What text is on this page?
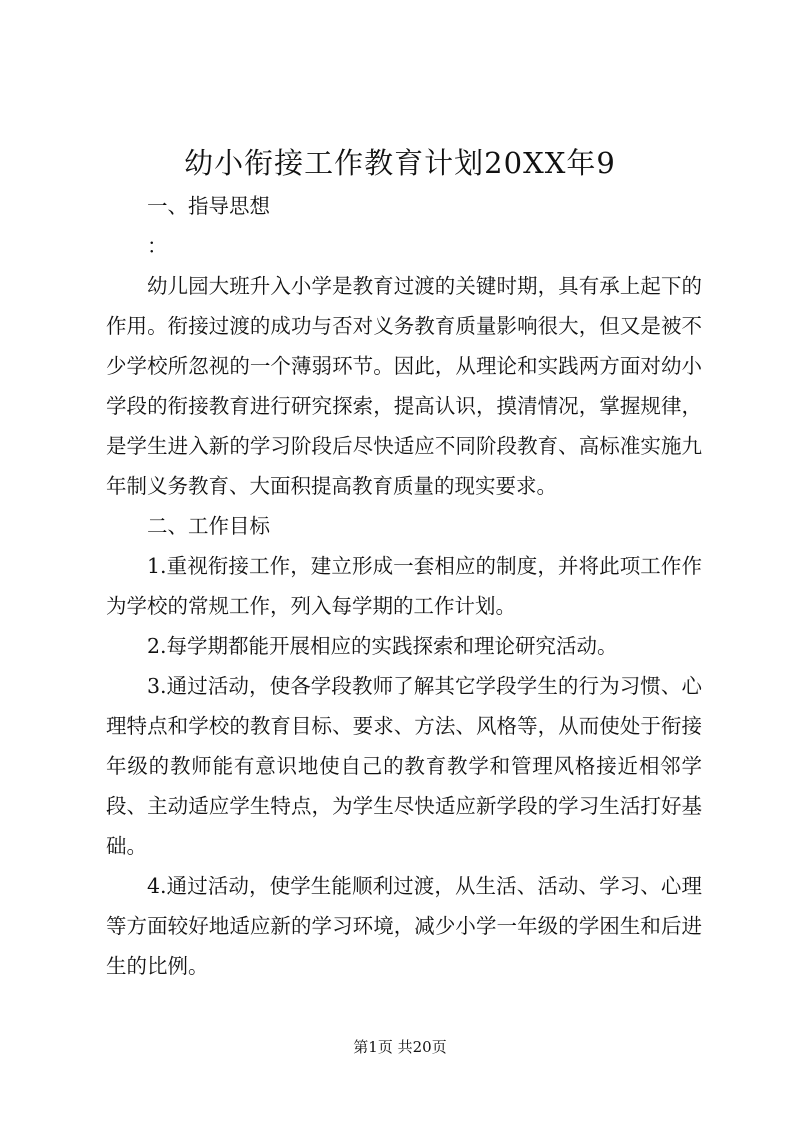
幼小衔接工作教育计划20XX年9

一、指导思想

：

幼儿园大班升入小学是教育过渡的关键时期，具有承上起下的作用。衔接过渡的成功与否对义务教育质量影响很大，但又是被不少学校所忽视的一个薄弱环节。因此，从理论和实践两方面对幼小学段的衔接教育进行研究探索，提高认识，摸清情况，掌握规律，是学生进入新的学习阶段后尽快适应不同阶段教育、高标准实施九年制义务教育、大面积提高教育质量的现实要求。

二、工作目标

1.重视衔接工作，建立形成一套相应的制度，并将此项工作作为学校的常规工作，列入每学期的工作计划。

2.每学期都能开展相应的实践探索和理论研究活动。

3.通过活动，使各学段教师了解其它学段学生的行为习惯、心理特点和学校的教育目标、要求、方法、风格等，从而使处于衔接年级的教师能有意识地使自己的教育教学和管理风格接近相邻学段、主动适应学生特点，为学生尽快适应新学段的学习生活打好基础。

4.通过活动，使学生能顺利过渡，从生活、活动、学习、心理等方面较好地适应新的学习环境，减少小学一年级的学困生和后进生的比例。

第1页 共20页
